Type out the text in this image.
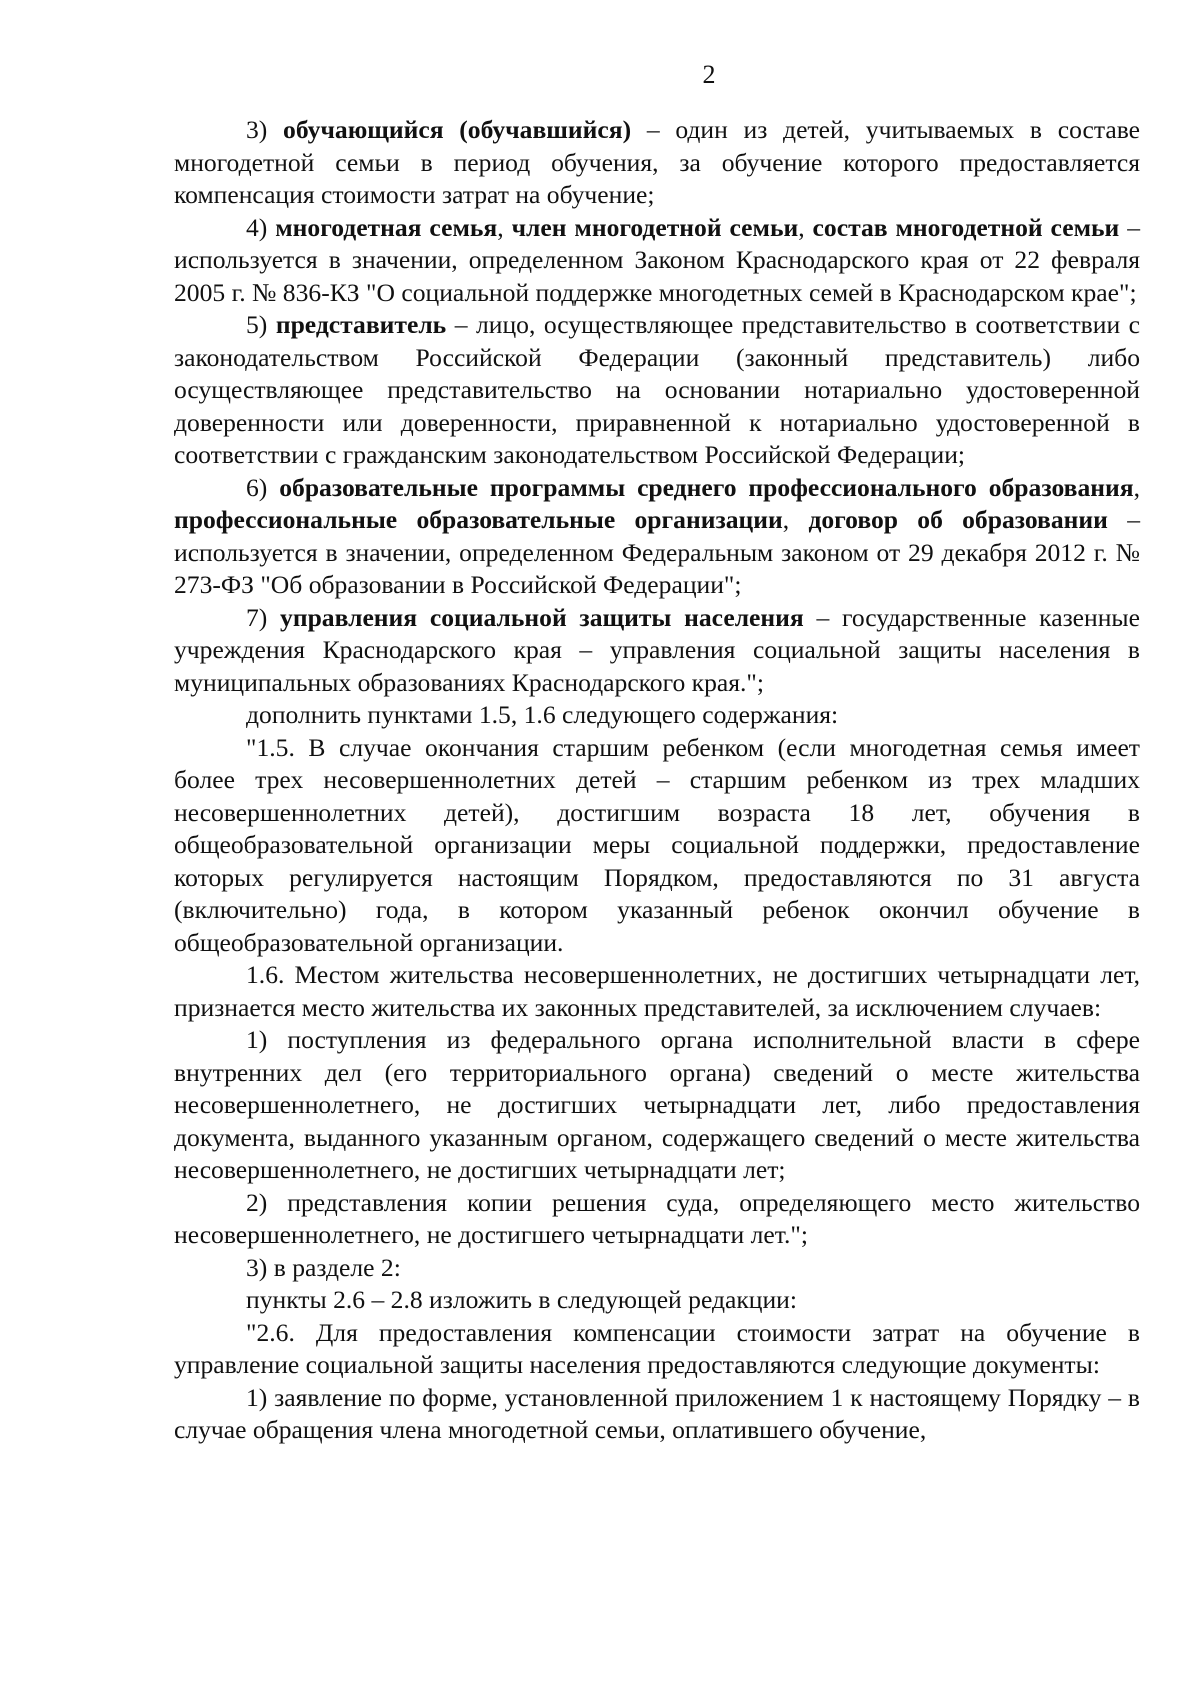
2

3) обучающийся (обучавшийся) – один из детей, учитываемых в составе многодетной семьи в период обучения, за обучение которого предоставляется компенсация стоимости затрат на обучение;

4) многодетная семья, член многодетной семьи, состав многодетной семьи – используется в значении, определенном Законом Краснодарского края от 22 февраля 2005 г. № 836-КЗ "О социальной поддержке многодетных семей в Краснодарском крае";

5) представитель – лицо, осуществляющее представительство в соответствии с законодательством Российской Федерации (законный представитель) либо осуществляющее представительство на основании нотариально удостоверенной доверенности или доверенности, приравненной к нотариально удостоверенной в соответствии с гражданским законодательством Российской Федерации;

6) образовательные программы среднего профессионального образования, профессиональные образовательные организации, договор об образовании – используется в значении, определенном Федеральным законом от 29 декабря 2012 г. № 273-ФЗ "Об образовании в Российской Федерации";

7) управления социальной защиты населения – государственные казенные учреждения Краснодарского края – управления социальной защиты населения в муниципальных образованиях Краснодарского края.";

дополнить пунктами 1.5, 1.6 следующего содержания:

"1.5. В случае окончания старшим ребенком (если многодетная семья имеет более трех несовершеннолетних детей – старшим ребенком из трех младших несовершеннолетних детей), достигшим возраста 18 лет, обучения в общеобразовательной организации меры социальной поддержки, предоставление которых регулируется настоящим Порядком, предоставляются по 31 августа (включительно) года, в котором указанный ребенок окончил обучение в общеобразовательной организации.

1.6. Местом жительства несовершеннолетних, не достигших четырнадцати лет, признается место жительства их законных представителей, за исключением случаев:

1) поступления из федерального органа исполнительной власти в сфере внутренних дел (его территориального органа) сведений о месте жительства несовершеннолетнего, не достигших четырнадцати лет, либо предоставления документа, выданного указанным органом, содержащего сведений о месте жительства несовершеннолетнего, не достигших четырнадцати лет;

2) представления копии решения суда, определяющего место жительство несовершеннолетнего, не достигшего четырнадцати лет.";

3) в разделе 2:

пункты 2.6 – 2.8 изложить в следующей редакции:

"2.6. Для предоставления компенсации стоимости затрат на обучение в управление социальной защиты населения предоставляются следующие документы:

1) заявление по форме, установленной приложением 1 к настоящему Порядку – в случае обращения члена многодетной семьи, оплатившего обучение,
